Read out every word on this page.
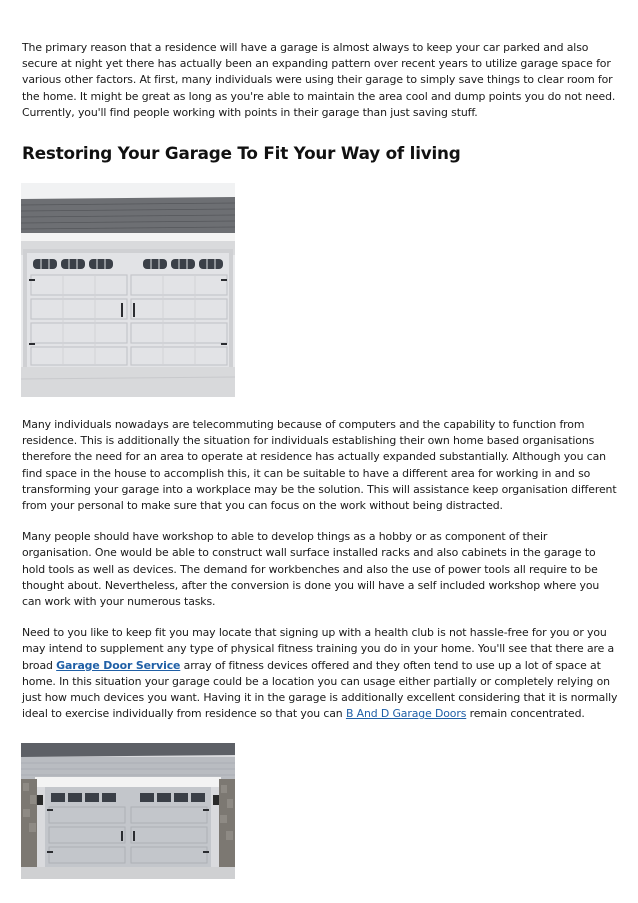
The primary reason that a residence will have a garage is almost always to keep your car parked and also secure at night yet there has actually been an expanding pattern over recent years to utilize garage space for various other factors. At first, many individuals were using their garage to simply save things to clear room for the home. It might be great as long as you're able to maintain the area cool and dump points you do not need. Currently, you'll find people working with points in their garage than just saving stuff.

Restoring Your Garage To Fit Your Way of living

Many individuals nowadays are telecommuting because of computers and the capability to function from residence. This is additionally the situation for individuals establishing their own home based organisations therefore the need for an area to operate at residence has actually expanded substantially. Although you can find space in the house to accomplish this, it can be suitable to have a different area for working in and so transforming your garage into a workplace may be the solution. This will assistance keep organisation different from your personal to make sure that you can focus on the work without being distracted.

Many people should have workshop to able to develop things as a hobby or as component of their organisation. One would be able to construct wall surface installed racks and also cabinets in the garage to hold tools as well as devices. The demand for workbenches and also the use of power tools all require to be thought about. Nevertheless, after the conversion is done you will have a self included workshop where you can work with your numerous tasks.

Need to you like to keep fit you may locate that signing up with a health club is not hassle-free for you or you may intend to supplement any type of physical fitness training you do in your home. You'll see that there are a broad Garage Door Service array of fitness devices offered and they often tend to use up a lot of space at home. In this situation your garage could be a location you can usage either partially or completely relying on just how much devices you want. Having it in the garage is additionally excellent considering that it is normally ideal to exercise individually from residence so that you can B And D Garage Doors remain concentrated.
